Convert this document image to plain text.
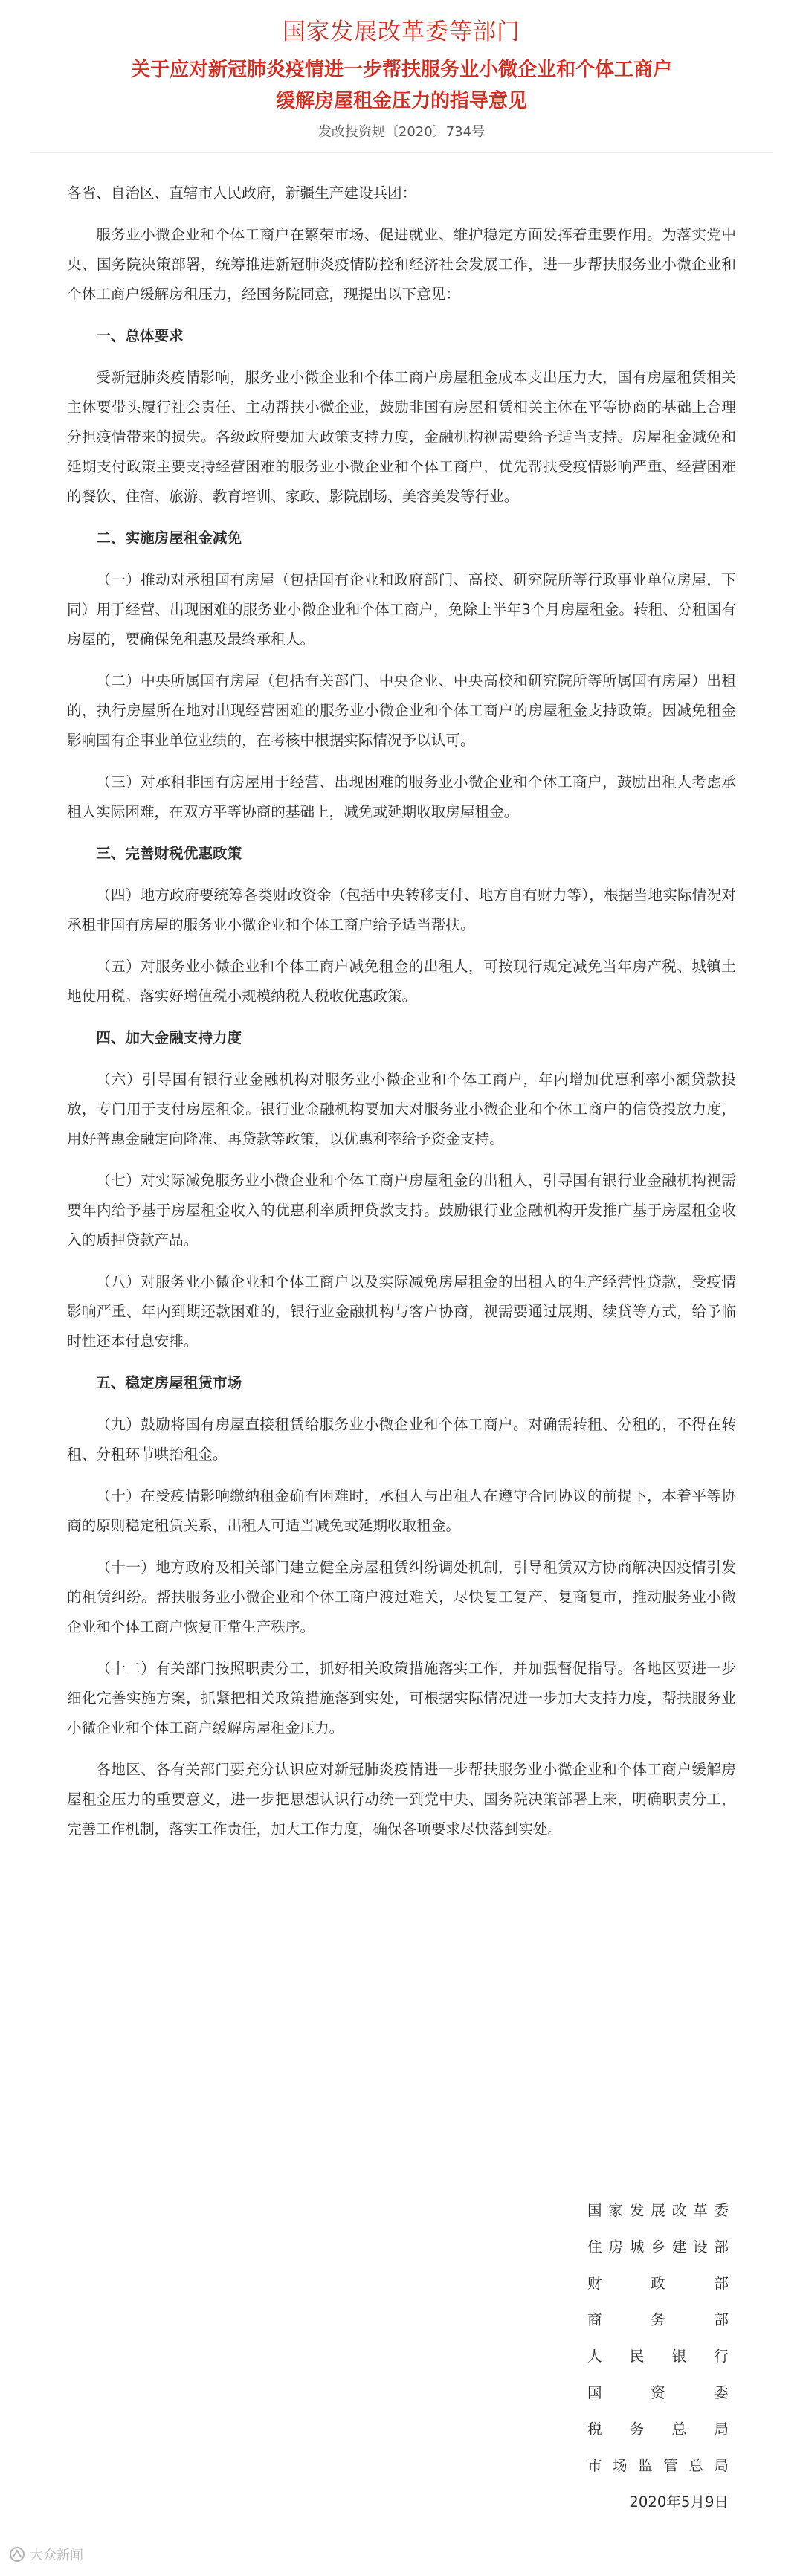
国家发展改革委等部门
关于应对新冠肺炎疫情进一步帮扶服务业小微企业和个体工商户
缓解房屋租金压力的指导意见
发改投资规〔2020〕734号

各省、自治区、直辖市人民政府，新疆生产建设兵团：

服务业小微企业和个体工商户在繁荣市场、促进就业、维护稳定方面发挥着重要作用。为落实党中央、国务院决策部署，统筹推进新冠肺炎疫情防控和经济社会发展工作，进一步帮扶服务业小微企业和个体工商户缓解房租压力，经国务院同意，现提出以下意见：

一、总体要求

受新冠肺炎疫情影响，服务业小微企业和个体工商户房屋租金成本支出压力大，国有房屋租赁相关主体要带头履行社会责任、主动帮扶小微企业，鼓励非国有房屋租赁相关主体在平等协商的基础上合理分担疫情带来的损失。各级政府要加大政策支持力度，金融机构视需要给予适当支持。房屋租金减免和延期支付政策主要支持经营困难的服务业小微企业和个体工商户，优先帮扶受疫情影响严重、经营困难的餐饮、住宿、旅游、教育培训、家政、影院剧场、美容美发等行业。

二、实施房屋租金减免

（一）推动对承租国有房屋（包括国有企业和政府部门、高校、研究院所等行政事业单位房屋，下同）用于经营、出现困难的服务业小微企业和个体工商户，免除上半年3个月房屋租金。转租、分租国有房屋的，要确保免租惠及最终承租人。

（二）中央所属国有房屋（包括有关部门、中央企业、中央高校和研究院所等所属国有房屋）出租的，执行房屋所在地对出现经营困难的服务业小微企业和个体工商户的房屋租金支持政策。因减免租金影响国有企事业单位业绩的，在考核中根据实际情况予以认可。

（三）对承租非国有房屋用于经营、出现困难的服务业小微企业和个体工商户，鼓励出租人考虑承租人实际困难，在双方平等协商的基础上，减免或延期收取房屋租金。

三、完善财税优惠政策

（四）地方政府要统筹各类财政资金（包括中央转移支付、地方自有财力等），根据当地实际情况对承租非国有房屋的服务业小微企业和个体工商户给予适当帮扶。

（五）对服务业小微企业和个体工商户减免租金的出租人，可按现行规定减免当年房产税、城镇土地使用税。落实好增值税小规模纳税人税收优惠政策。

四、加大金融支持力度

（六）引导国有银行业金融机构对服务业小微企业和个体工商户，年内增加优惠利率小额贷款投放，专门用于支付房屋租金。银行业金融机构要加大对服务业小微企业和个体工商户的信贷投放力度，用好普惠金融定向降准、再贷款等政策，以优惠利率给予资金支持。

（七）对实际减免服务业小微企业和个体工商户房屋租金的出租人，引导国有银行业金融机构视需要年内给予基于房屋租金收入的优惠利率质押贷款支持。鼓励银行业金融机构开发推广基于房屋租金收入的质押贷款产品。

（八）对服务业小微企业和个体工商户以及实际减免房屋租金的出租人的生产经营性贷款，受疫情影响严重、年内到期还款困难的，银行业金融机构与客户协商，视需要通过展期、续贷等方式，给予临时性还本付息安排。

五、稳定房屋租赁市场

（九）鼓励将国有房屋直接租赁给服务业小微企业和个体工商户。对确需转租、分租的，不得在转租、分租环节哄抬租金。

（十）在受疫情影响缴纳租金确有困难时，承租人与出租人在遵守合同协议的前提下，本着平等协商的原则稳定租赁关系，出租人可适当减免或延期收取租金。

（十一）地方政府及相关部门建立健全房屋租赁纠纷调处机制，引导租赁双方协商解决因疫情引发的租赁纠纷。帮扶服务业小微企业和个体工商户渡过难关，尽快复工复产、复商复市，推动服务业小微企业和个体工商户恢复正常生产秩序。

（十二）有关部门按照职责分工，抓好相关政策措施落实工作，并加强督促指导。各地区要进一步细化完善实施方案，抓紧把相关政策措施落到实处，可根据实际情况进一步加大支持力度，帮扶服务业小微企业和个体工商户缓解房屋租金压力。

各地区、各有关部门要充分认识应对新冠肺炎疫情进一步帮扶服务业小微企业和个体工商户缓解房屋租金压力的重要意义，进一步把思想认识行动统一到党中央、国务院决策部署上来，明确职责分工，完善工作机制，落实工作责任，加大工作力度，确保各项要求尽快落到实处。

国家发展改革委
住房城乡建设部
财政部
商务部
人民银行
国资委
税务总局
市场监管总局
2020年5月9日
大众新闻
